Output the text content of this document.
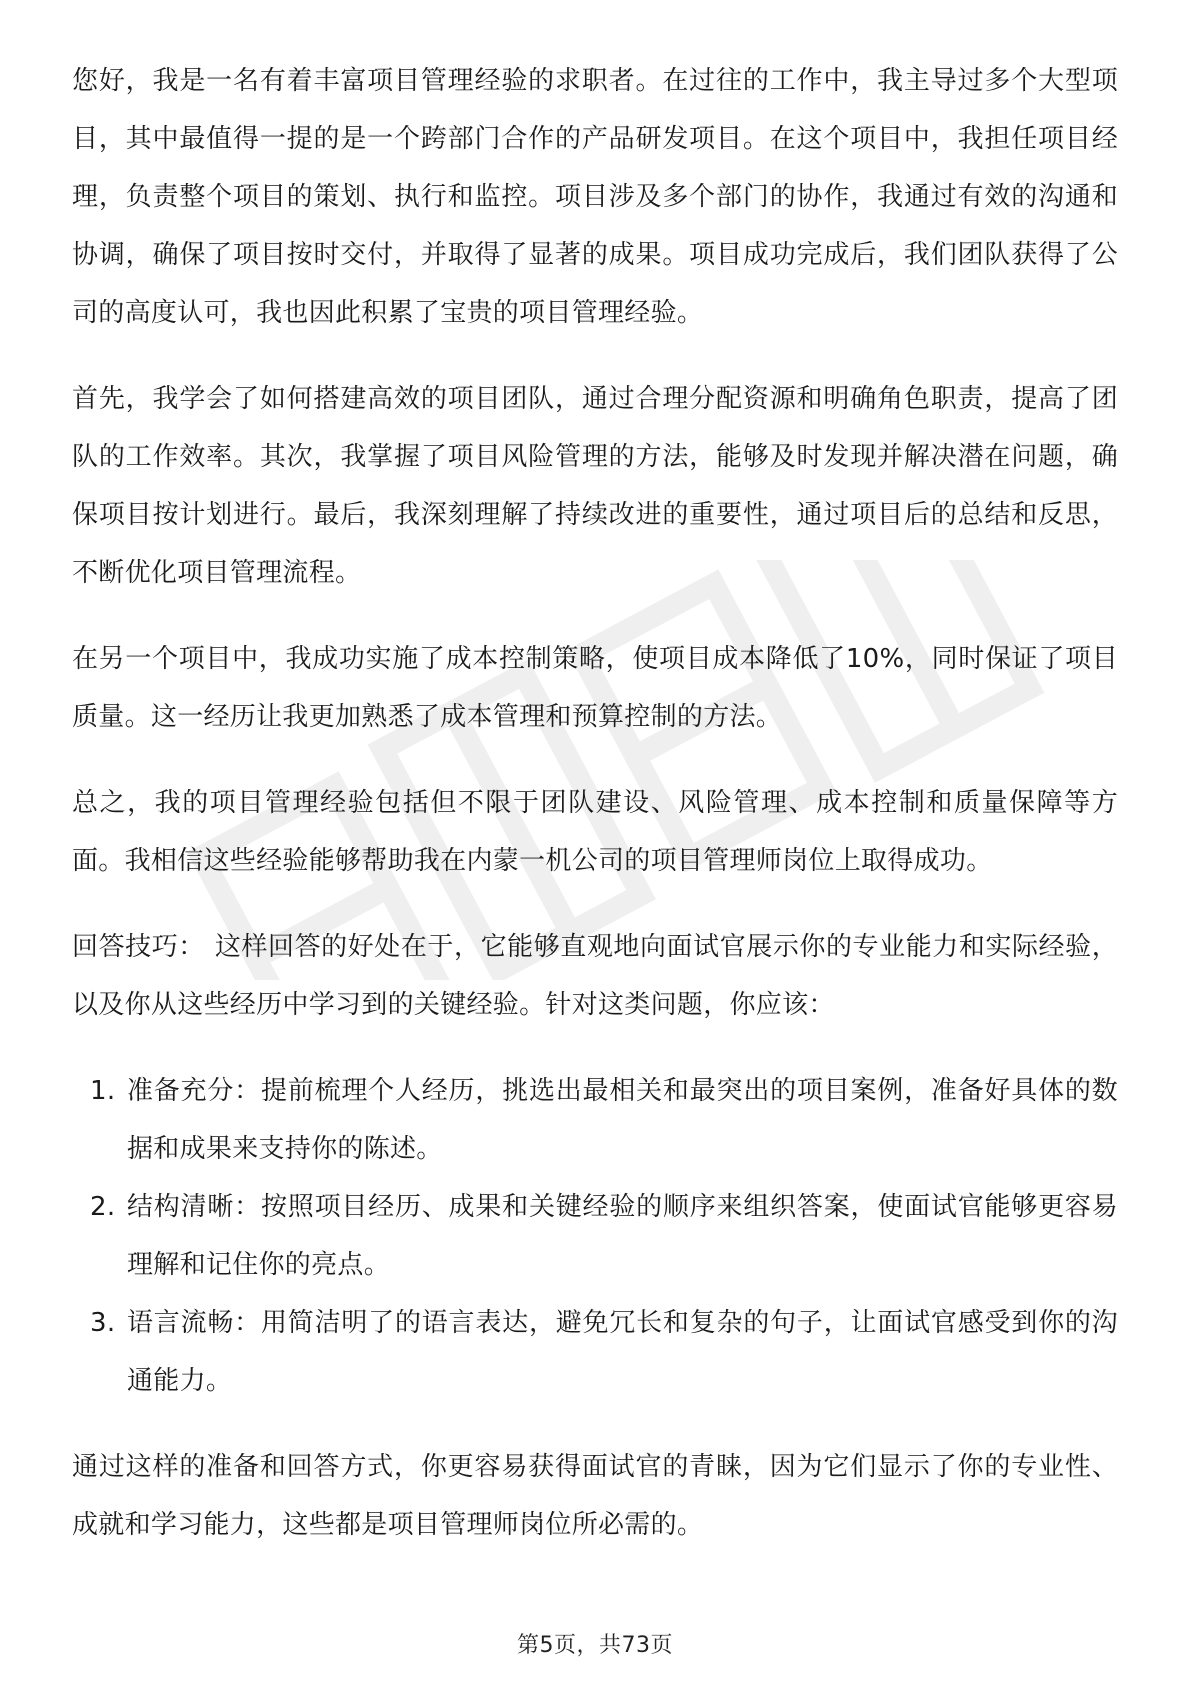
您好，我是一名有着丰富项目管理经验的求职者。在过往的工作中，我主导过多个大型项目，其中最值得一提的是一个跨部门合作的产品研发项目。在这个项目中，我担任项目经理，负责整个项目的策划、执行和监控。项目涉及多个部门的协作，我通过有效的沟通和协调，确保了项目按时交付，并取得了显著的成果。项目成功完成后，我们团队获得了公司的高度认可，我也因此积累了宝贵的项目管理经验。

首先，我学会了如何搭建高效的项目团队，通过合理分配资源和明确角色职责，提高了团队的工作效率。其次，我掌握了项目风险管理的方法，能够及时发现并解决潜在问题，确保项目按计划进行。最后，我深刻理解了持续改进的重要性，通过项目后的总结和反思，不断优化项目管理流程。

在另一个项目中，我成功实施了成本控制策略，使项目成本降低了10%，同时保证了项目质量。这一经历让我更加熟悉了成本管理和预算控制的方法。

总之，我的项目管理经验包括但不限于团队建设、风险管理、成本控制和质量保障等方面。我相信这些经验能够帮助我在内蒙一机公司的项目管理师岗位上取得成功。

回答技巧： 这样回答的好处在于，它能够直观地向面试官展示你的专业能力和实际经验，以及你从这些经历中学习到的关键经验。针对这类问题，你应该：

1. 准备充分：提前梳理个人经历，挑选出最相关和最突出的项目案例，准备好具体的数据和成果来支持你的陈述。
2. 结构清晰：按照项目经历、成果和关键经验的顺序来组织答案，使面试官能够更容易理解和记住你的亮点。
3. 语言流畅：用简洁明了的语言表达，避免冗长和复杂的句子，让面试官感受到你的沟通能力。

通过这样的准备和回答方式，你更容易获得面试官的青睐，因为它们显示了你的专业性、成就和学习能力，这些都是项目管理师岗位所必需的。

第5页，共73页
